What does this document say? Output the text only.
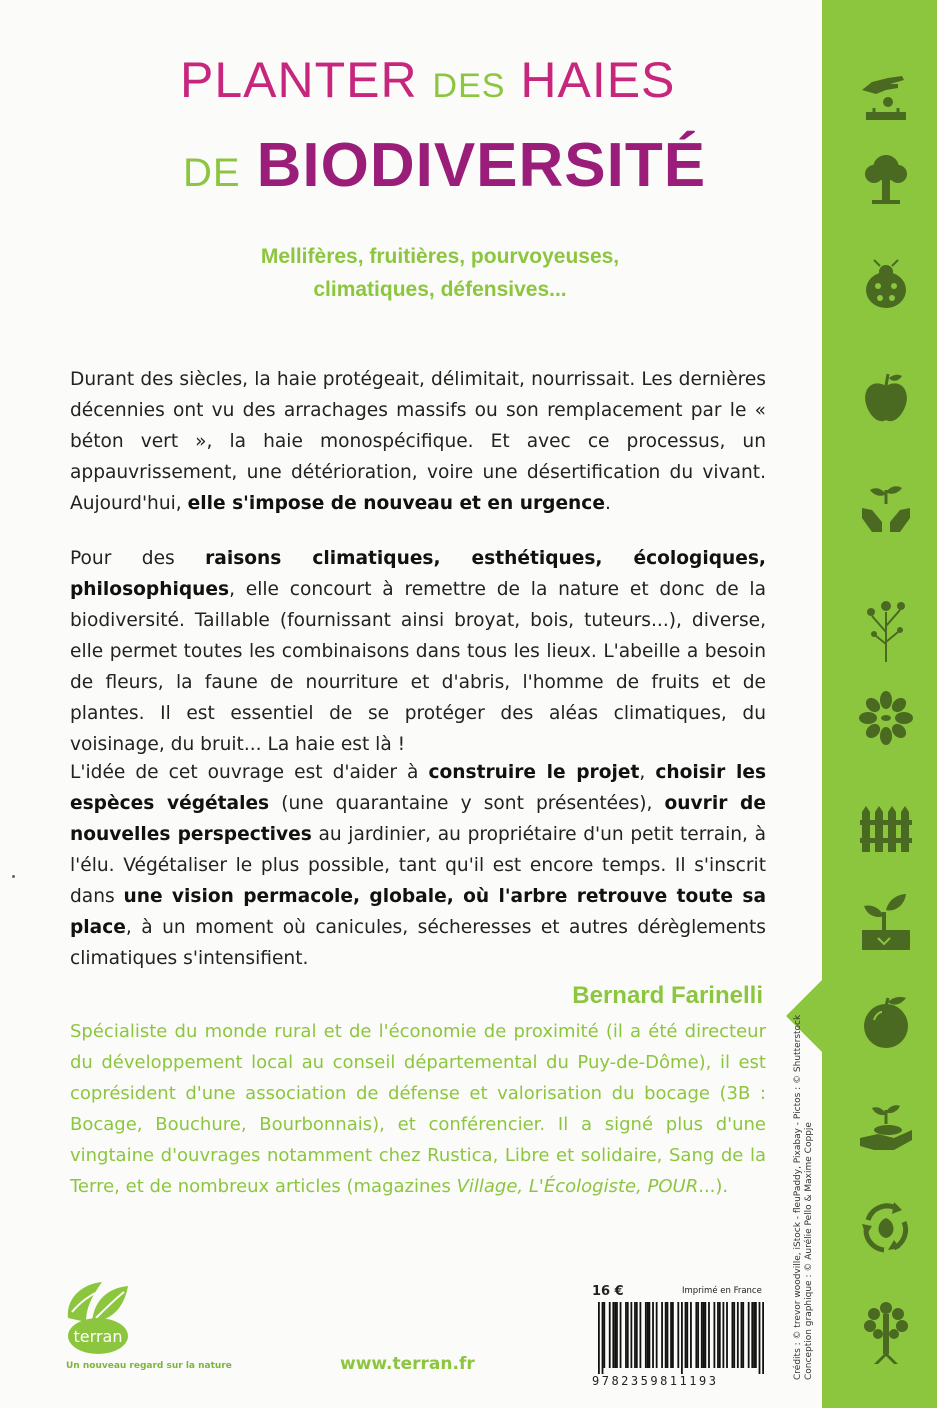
PLANTER DES HAIES
DE BIODIVERSITÉ
Mellifères, fruitières, pourvoyeuses,
climatiques, défensives...
Durant des siècles, la haie protégeait, délimitait, nourrissait. Les dernières décennies ont vu des arrachages massifs ou son remplacement par le « béton vert », la haie monospécifique. Et avec ce processus, un appauvrissement, une détérioration, voire une désertification du vivant. Aujourd'hui, elle s'impose de nouveau et en urgence.
Pour des raisons climatiques, esthétiques, écologiques, philosophiques, elle concourt à remettre de la nature et donc de la biodiversité. Taillable (fournissant ainsi broyat, bois, tuteurs...), diverse, elle permet toutes les combinaisons dans tous les lieux. L'abeille a besoin de fleurs, la faune de nourriture et d'abris, l'homme de fruits et de plantes. Il est essentiel de se protéger des aléas climatiques, du voisinage, du bruit... La haie est là !
L'idée de cet ouvrage est d'aider à construire le projet, choisir les espèces végétales (une quarantaine y sont présentées), ouvrir de nouvelles perspectives au jardinier, au propriétaire d'un petit terrain, à l'élu. Végétaliser le plus possible, tant qu'il est encore temps. Il s'inscrit dans une vision permacole, globale, où l'arbre retrouve toute sa place, à un moment où canicules, sécheresses et autres dérèglements climatiques s'intensifient.
Bernard Farinelli
Spécialiste du monde rural et de l'économie de proximité (il a été directeur du développement local au conseil départemental du Puy-de-Dôme), il est coprésident d'une association de défense et valorisation du bocage (3B : Bocage, Bouchure, Bourbonnais), et conférencier. Il a signé plus d'une vingtaine d'ouvrages notamment chez Rustica, Libre et solidaire, Sang de la Terre, et de nombreux articles (magazines Village, L'Écologiste, POUR...).	Crédits : © trevor woodville, iStock - fleuPaddy, Pixabay - Pictos : © Shutterstock Conception graphique : © Aurélie Pello & Maxime Coppje
terran
Un nouveau regard sur la nature	www.terran.fr
16 €	Imprimé en France
9782359811193
